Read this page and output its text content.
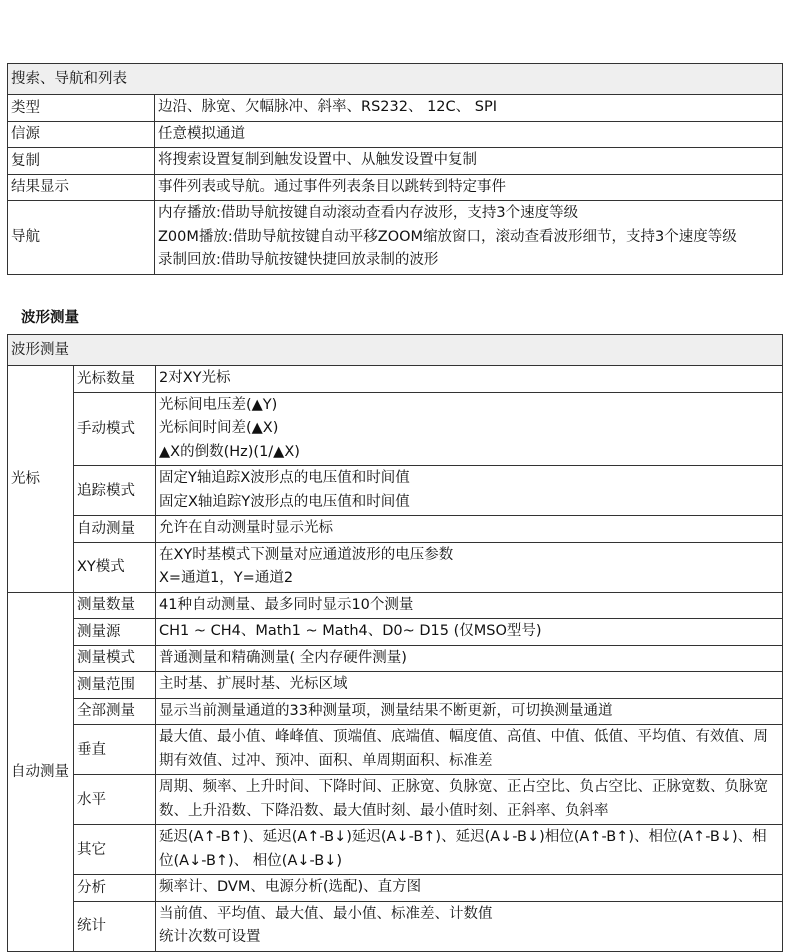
搜索、导航和列表	
类型	边沿、脉宽、欠幅脉冲、斜率、RS232、 12C、 SPI

信源	任意模拟通道

复制	将搜索设置复制到触发设置中、从触发设置中复制

结果显示	事件列表或导航。通过事件列表条目以跳转到特定事件

导航	内存播放:借助导航按键自动滚动查看内存波形，支持3个速度等级
Z00M播放:借助导航按键自动平移ZOOM缩放窗口，滚动查看波形细节，支持3个速度等级
录制回放:借助导航按键快捷回放录制的波形
波形测量
波形测量		
光标	光标数量	2对XY光标

	手动模式	光标间电压差(▲Y)
光标间时间差(▲X)
▲X的倒数(Hz)(1/▲X)

	追踪模式	固定Y轴追踪X波形点的电压值和时间值
固定X轴追踪Y波形点的电压值和时间值

	自动测量	允许在自动测量时显示光标

	XY模式	在XY时基模式下测量对应通道波形的电压参数
X=通道1，Y=通道2

自动测量	测量数量	41种自动测量、最多同时显示10个测量

	测量源	CH1 ~ CH4、Math1 ~ Math4、D0~ D15 (仅MSO型号)

	测量模式	普通测量和精确测量( 全内存硬件测量)

	测量范围	主时基、扩展时基、光标区域

	全部测量	显示当前测量通道的33种测量项，测量结果不断更新，可切换测量通道

	垂直	最大值、最小值、峰峰值、顶端值、底端值、幅度值、高值、中值、低值、平均值、有效值、周期有效值、过冲、预冲、面积、单周期面积、标准差

	水平	周期、频率、上升时间、下降时间、正脉宽、负脉宽、正占空比、负占空比、正脉宽数、负脉宽数、上升沿数、下降沿数、最大值时刻、最小值时刻、正斜率、负斜率

	其它	延迟(A↑-B↑)、延迟(A↑-B↓)延迟(A↓-B↑)、延迟(A↓-B↓)相位(A↑-B↑)、相位(A↑-B↓)、相位(A↓-B↑)、 相位(A↓-B↓)

	分析	频率计、DVM、电源分析(选配)、直方图

	统计	当前值、平均值、最大值、最小值、标准差、计数值
统计次数可设置
